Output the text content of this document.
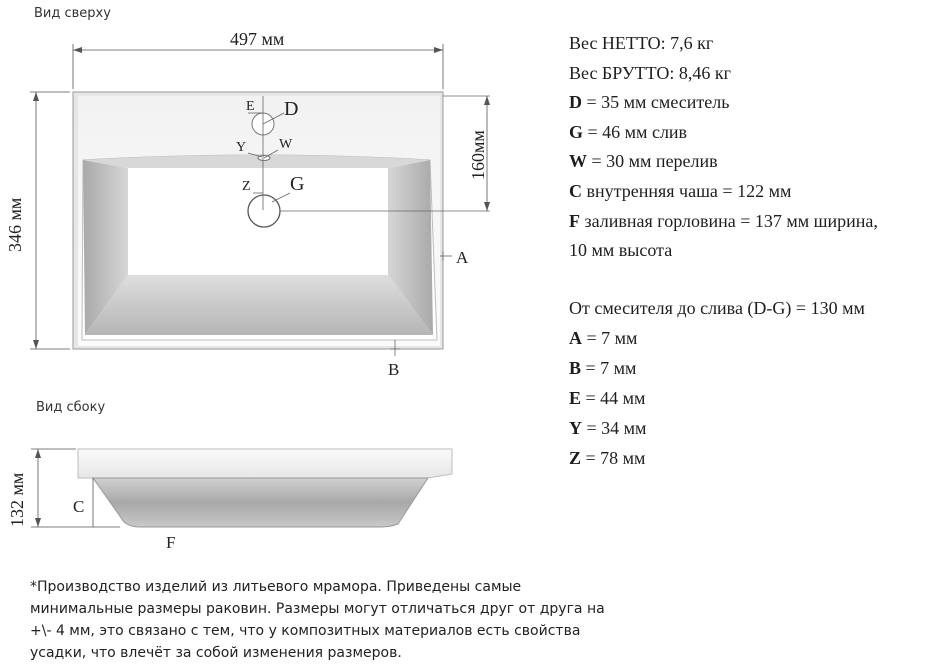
Вид сверху
Вид сбоку
E D
Y W
Z G
A
B
497 мм
346 мм
160мм
C
F
132 мм
Вес НЕТТО: 7,6 кг
Вес БРУТТО: 8,46 кг
D = 35 мм смеситель
G = 46 мм слив
W = 30 мм перелив
C внутренняя чаша = 122 мм
F заливная горловина = 137 мм ширина,
10 мм высота
От смесителя до слива (D-G) = 130 мм
A = 7 мм
B = 7 мм
E = 44 мм
Y = 34 мм
Z = 78 мм
*Производство изделий из литьевого мрамора. Приведены самые
минимальные размеры раковин. Размеры могут отличаться друг от друга на
+\- 4 мм, это связано с тем, что у композитных материалов есть свойства
усадки, что влечёт за собой изменения размеров.
